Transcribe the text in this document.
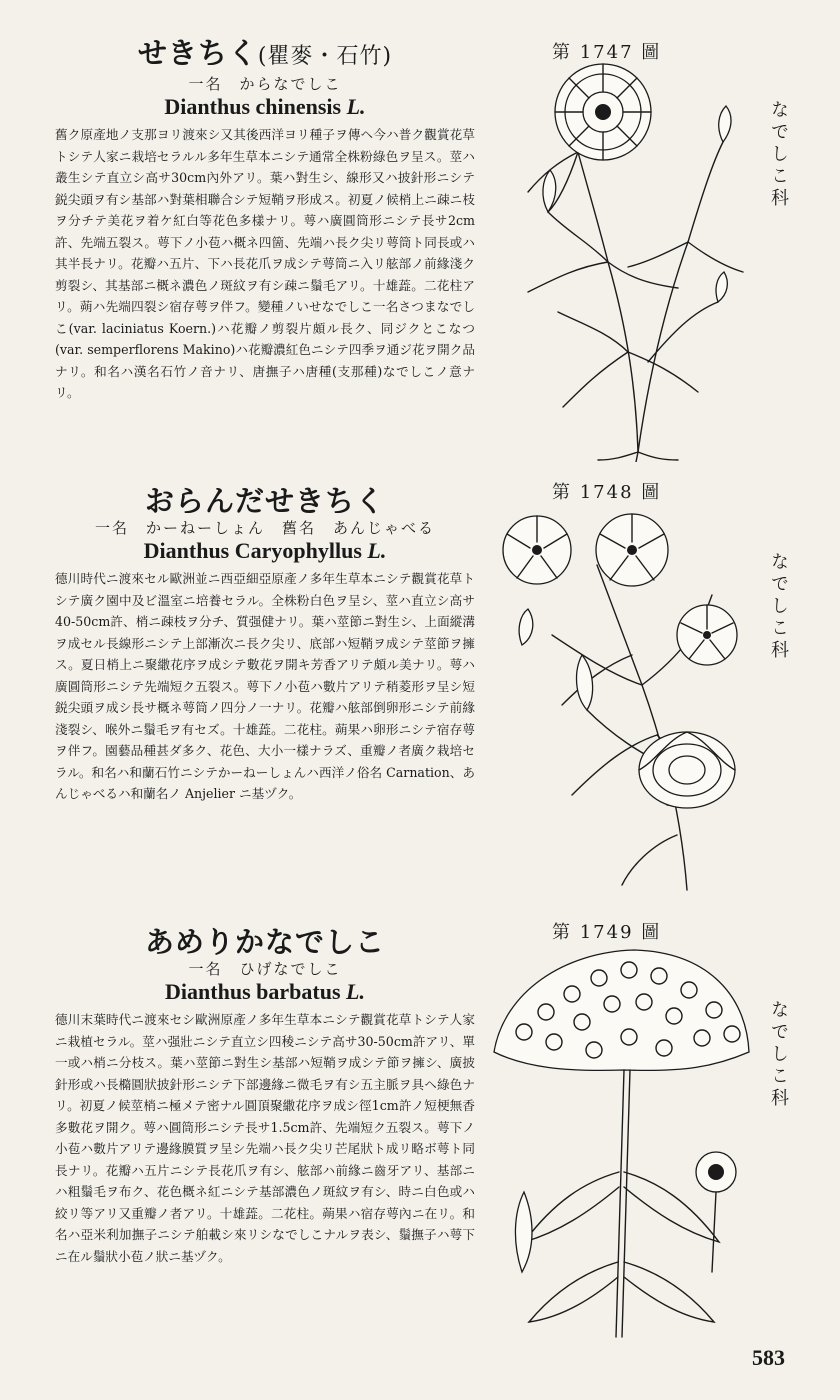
せきちく(瞿麥・石竹)
一名　からなでしこ
Dianthus chinensis L.
舊ク原產地ノ支那ヨリ渡來シ又其後西洋ヨリ種子ヲ傳ヘ今ハ普ク觀賞花草トシテ人家ニ栽培セラルル多年生草本ニシテ通常全株粉綠色ヲ呈ス。莖ハ叢生シテ直立シ高サ30cm內外アリ。葉ハ對生シ、線形又ハ披針形ニシテ鋭尖頭ヲ有シ基部ハ對葉相聯合シテ短鞘ヲ形成ス。初夏ノ候梢上ニ疎ニ枝ヲ分チテ美花ヲ着ケ紅白等花色多樣ナリ。萼ハ廣圓筒形ニシテ長サ2cm許、先端五裂ス。萼下ノ小苞ハ概ネ四箇、先端ハ長ク尖リ萼筒ト同長或ハ其半長ナリ。花瓣ハ五片、下ハ長花爪ヲ成シテ萼筒ニ入リ舷部ノ前緣淺ク剪裂シ、其基部ニ概ネ濃色ノ斑紋ヲ有シ疎ニ鬚毛アリ。十雄蕋。二花柱アリ。蒴ハ先端四裂シ宿存萼ヲ伴フ。變種ノいせなでしこ一名さつまなでしこ(var. laciniatus Koern.)ハ花瓣ノ剪裂片頗ル長ク、同ジクとこなつ(var. semperflorens Makino)ハ花瓣濃紅色ニシテ四季ヲ通ジ花ヲ開ク品ナリ。和名ハ漢名石竹ノ音ナリ、唐撫子ハ唐種(支那種)なでしこノ意ナリ。
おらんだせきちく
一名　かーねーしょん　舊名　あんじゃべる
Dianthus Caryophyllus L.
德川時代ニ渡來セル歐洲並ニ西亞細亞原產ノ多年生草本ニシテ觀賞花草トシテ廣ク園中及ビ溫室ニ培養セラル。全株粉白色ヲ呈シ、莖ハ直立シ高サ40-50cm許、梢ニ疎枝ヲ分チ、質强健ナリ。葉ハ莖節ニ對生シ、上面縱溝ヲ成セル長線形ニシテ上部漸次ニ長ク尖リ、底部ハ短鞘ヲ成シテ莖節ヲ擁ス。夏日梢上ニ聚繖花序ヲ成シテ數花ヲ開キ芳香アリテ頗ル美ナリ。萼ハ廣圓筒形ニシテ先端短ク五裂ス。萼下ノ小苞ハ數片アリテ稍菱形ヲ呈シ短鋭尖頭ヲ成シ長サ概ネ萼筒ノ四分ノ一ナリ。花瓣ハ舷部倒卵形ニシテ前緣淺裂シ、喉外ニ鬚毛ヲ有セズ。十雄蕋。二花柱。蒴果ハ卵形ニシテ宿存萼ヲ伴フ。園藝品種甚ダ多ク、花色、大小一樣ナラズ、重瓣ノ者廣ク栽培セラル。和名ハ和蘭石竹ニシテかーねーしょんハ西洋ノ俗名 Carnation、あんじゃべるハ和蘭名ノ Anjelier ニ基ヅク。
あめりかなでしこ
一名　ひげなでしこ
Dianthus barbatus L.
德川末葉時代ニ渡來セシ歐洲原產ノ多年生草本ニシテ觀賞花草トシテ人家ニ栽植セラル。莖ハ强壯ニシテ直立シ四稜ニシテ高サ30-50cm許アリ、單一或ハ梢ニ分枝ス。葉ハ莖節ニ對生シ基部ハ短鞘ヲ成シテ節ヲ擁シ、廣披針形或ハ長橢圓狀披針形ニシテ下部邊緣ニ微毛ヲ有シ五主脈ヲ具ヘ綠色ナリ。初夏ノ候莖梢ニ極メテ密ナル圓頂聚繖花序ヲ成シ徑1cm許ノ短梗無香多數花ヲ開ク。萼ハ圓筒形ニシテ長サ1.5cm許、先端短ク五裂ス。萼下ノ小苞ハ數片アリテ邊緣膜質ヲ呈シ先端ハ長ク尖リ芒尾狀ト成リ略ボ萼ト同長ナリ。花瓣ハ五片ニシテ長花爪ヲ有シ、舷部ハ前緣ニ齒牙アリ、基部ニハ粗鬚毛ヲ布ク、花色概ネ紅ニシテ基部濃色ノ斑紋ヲ有シ、時ニ白色或ハ絞リ等アリ又重瓣ノ者アリ。十雄蕋。二花柱。蒴果ハ宿存萼內ニ在リ。和名ハ亞米利加撫子ニシテ舶載シ來リシなでしこナルヲ表シ、鬚撫子ハ萼下ニ在ル鬚狀小苞ノ狀ニ基ヅク。
第 1747 圖
第 1748 圖
第 1749 圖
なでしこ科
なでしこ科
なでしこ科
583
